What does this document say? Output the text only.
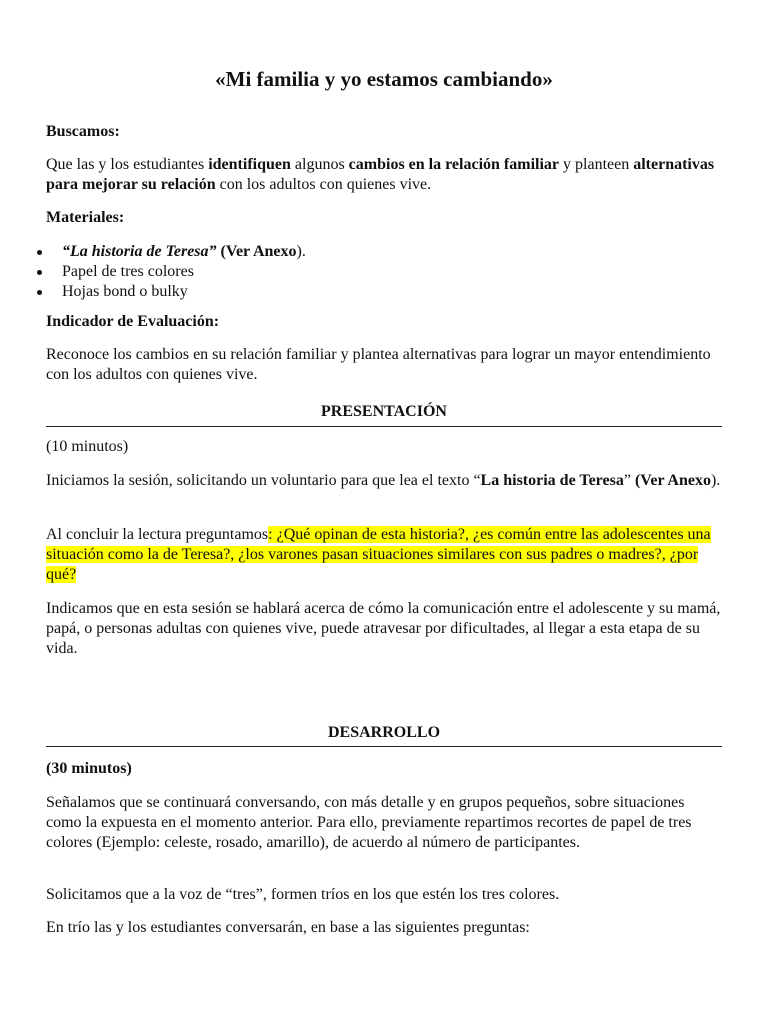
«Mi familia y yo estamos cambiando»
Buscamos:

Que las y los estudiantes identifiquen algunos cambios en la relación familiar y planteen alternativas para mejorar su relación con los adultos con quienes vive.

Materiales:
“La historia de Teresa” (Ver Anexo).
Papel de tres colores
Hojas bond o bulky
Indicador de Evaluación:

Reconoce los cambios en su relación familiar y plantea alternativas para lograr un mayor entendimiento con los adultos con quienes vive.

PRESENTACIÓN

(10 minutos)

Iniciamos la sesión, solicitando un voluntario para que lea el texto “La historia de Teresa” (Ver Anexo).

Al concluir la lectura preguntamos: ¿Qué opinan de esta historia?, ¿es común entre las adolescentes una situación como la de Teresa?, ¿los varones pasan situaciones similares con sus padres o madres?, ¿por qué?

Indicamos que en esta sesión se hablará acerca de cómo la comunicación entre el adolescente y su mamá, papá, o personas adultas con quienes vive, puede atravesar por dificultades, al llegar a esta etapa de su vida.

DESARROLLO

(30 minutos)

Señalamos que se continuará conversando, con más detalle y en grupos pequeños, sobre situaciones como la expuesta en el momento anterior. Para ello, previamente repartimos recortes de papel de tres colores (Ejemplo: celeste, rosado, amarillo), de acuerdo al número de participantes.

Solicitamos que a la voz de “tres”, formen tríos en los que estén los tres colores.

En trío las y los estudiantes conversarán, en base a las siguientes preguntas:
